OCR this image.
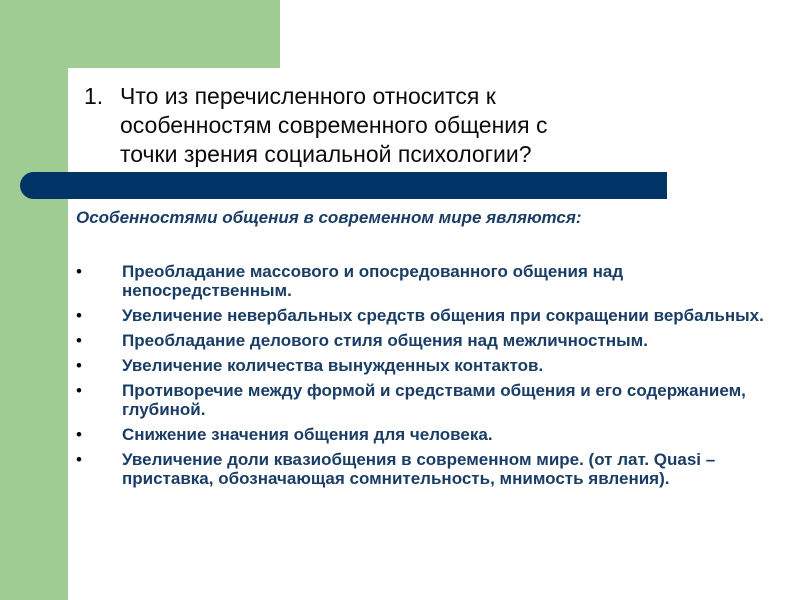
1. Что из перечисленного относится к
особенностям современного общения с
точки зрения социальной психологии?

Особенностями общения в современном мире являются:

• Преобладание массового и опосредованного общения над непосредственным.
• Увеличение невербальных средств общения при сокращении вербальных.
• Преобладание делового стиля общения над межличностным.
• Увеличение количества вынужденных контактов.
• Противоречие между формой и средствами общения и его содержанием, глубиной.
• Снижение значения общения для человека.
• Увеличение доли квазиобщения в современном мире. (от лат. Quasi – приставка, обозначающая сомнительность, мнимость явления).
